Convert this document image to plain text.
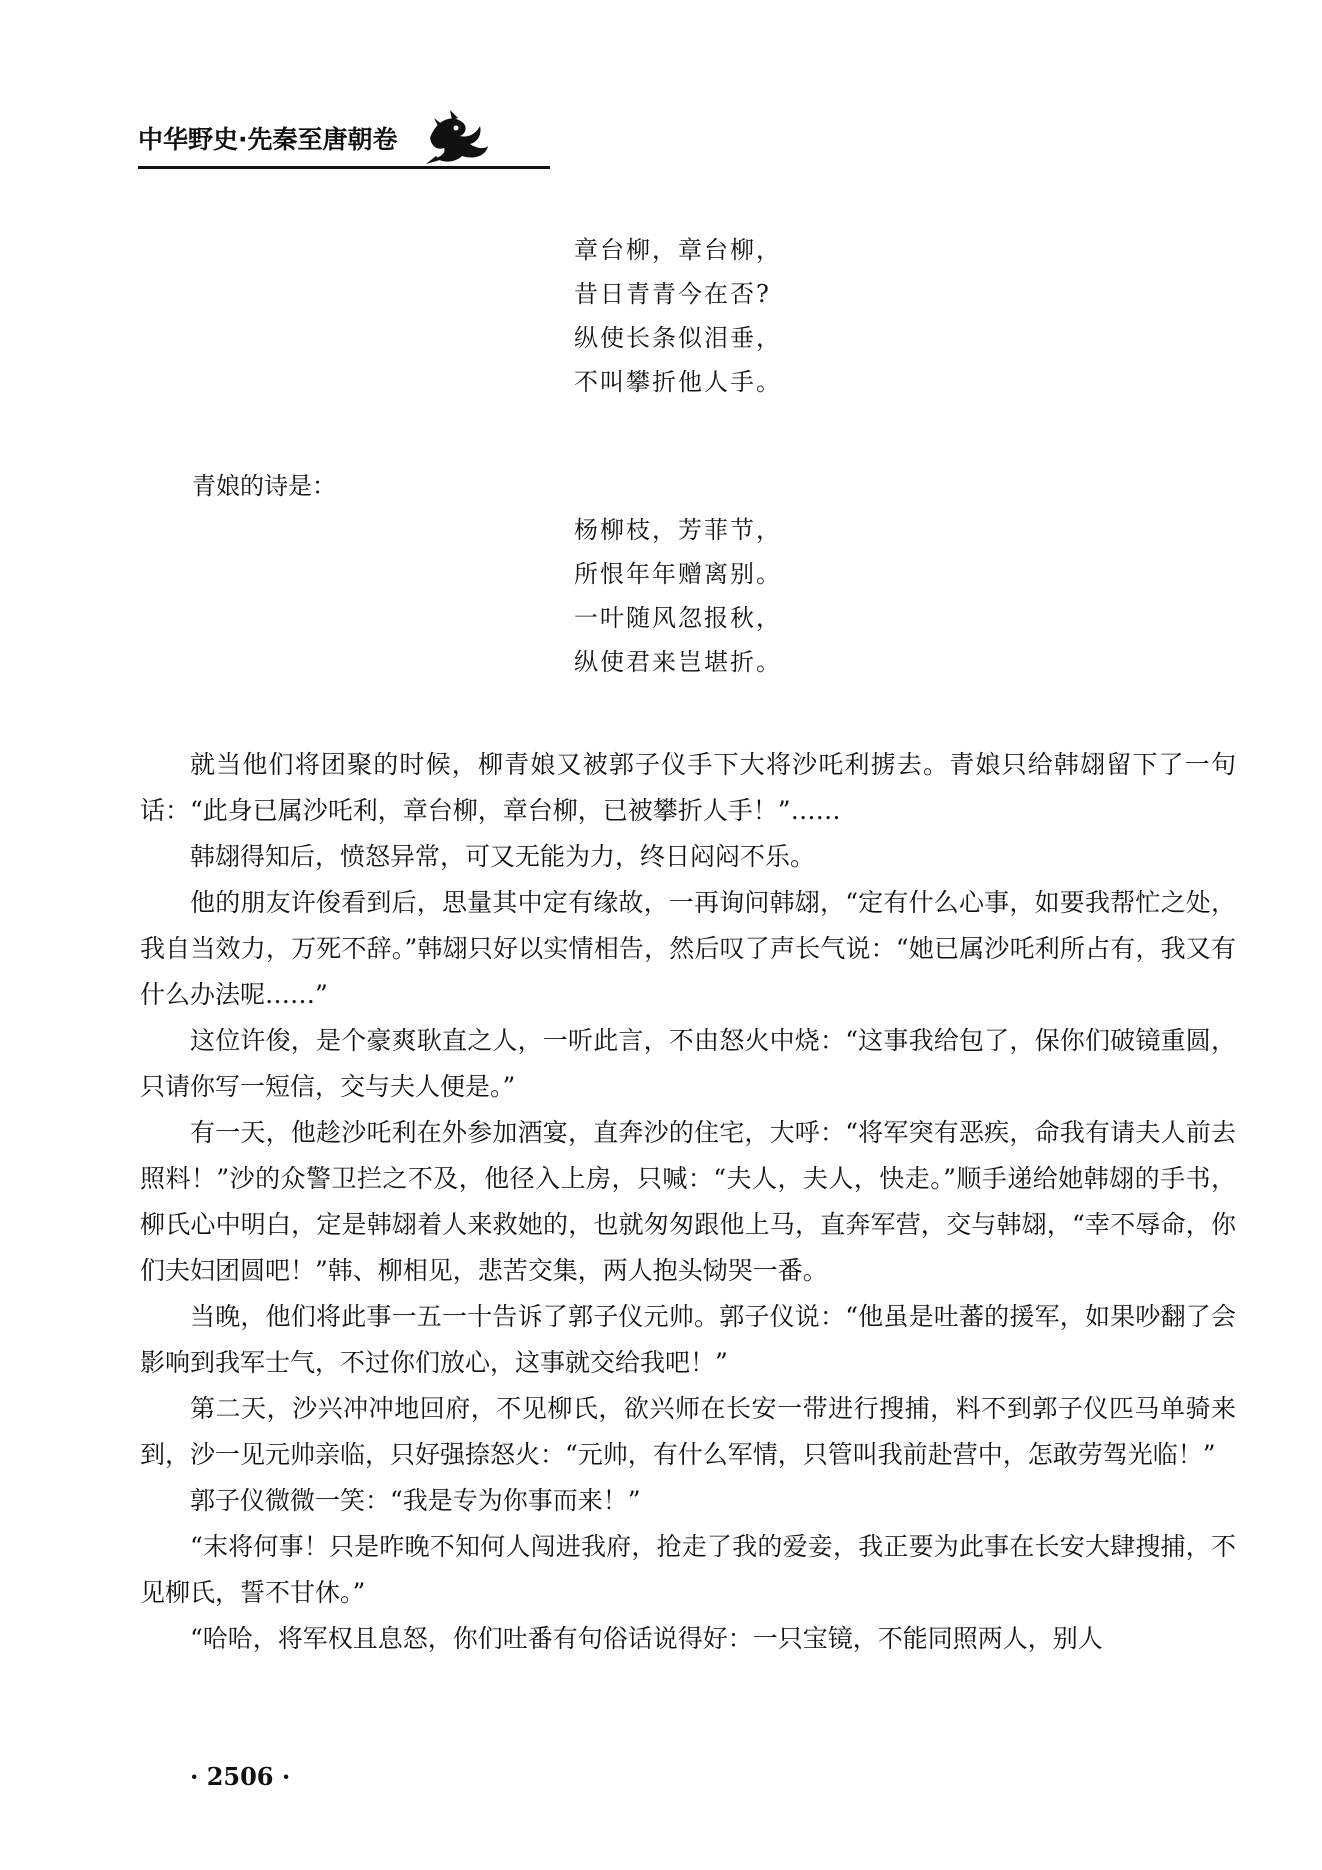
中华野史·先秦至唐朝卷
章台柳，章台柳，
昔日青青今在否?
纵使长条似泪垂，
不叫攀折他人手。
青娘的诗是：
杨柳枝，芳菲节，
所恨年年赠离别。
一叶随风忽报秋，
纵使君来岂堪折。

就当他们将团聚的时候，柳青娘又被郭子仪手下大将沙吒利掳去。青娘只给韩翃留下了一句话：“此身已属沙吒利，章台柳，章台柳，已被攀折人手！”……

韩翃得知后，愤怒异常，可又无能为力，终日闷闷不乐。

他的朋友许俊看到后，思量其中定有缘故，一再询问韩翃，“定有什么心事，如要我帮忙之处，我自当效力，万死不辞。”韩翃只好以实情相告，然后叹了声长气说：“她已属沙吒利所占有，我又有什么办法呢……”

这位许俊，是个豪爽耿直之人，一听此言，不由怒火中烧：“这事我给包了，保你们破镜重圆，只请你写一短信，交与夫人便是。”

有一天，他趁沙吒利在外参加酒宴，直奔沙的住宅，大呼：“将军突有恶疾，命我有请夫人前去照料！”沙的众警卫拦之不及，他径入上房，只喊：“夫人，夫人，快走。”顺手递给她韩翃的手书，柳氏心中明白，定是韩翃着人来救她的，也就匆匆跟他上马，直奔军营，交与韩翃，“幸不辱命，你们夫妇团圆吧！”韩、柳相见，悲苦交集，两人抱头恸哭一番。

当晚，他们将此事一五一十告诉了郭子仪元帅。郭子仪说：“他虽是吐蕃的援军，如果吵翻了会影响到我军士气，不过你们放心，这事就交给我吧！”

第二天，沙兴冲冲地回府，不见柳氏，欲兴师在长安一带进行搜捕，料不到郭子仪匹马单骑来到，沙一见元帅亲临，只好强捺怒火：“元帅，有什么军情，只管叫我前赴营中，怎敢劳驾光临！”

郭子仪微微一笑：“我是专为你事而来！”

“末将何事！只是昨晚不知何人闯进我府，抢走了我的爱妾，我正要为此事在长安大肆搜捕，不见柳氏，誓不甘休。”

“哈哈，将军权且息怒，你们吐番有句俗话说得好：一只宝镜，不能同照两人，别人

· 2506 ·
